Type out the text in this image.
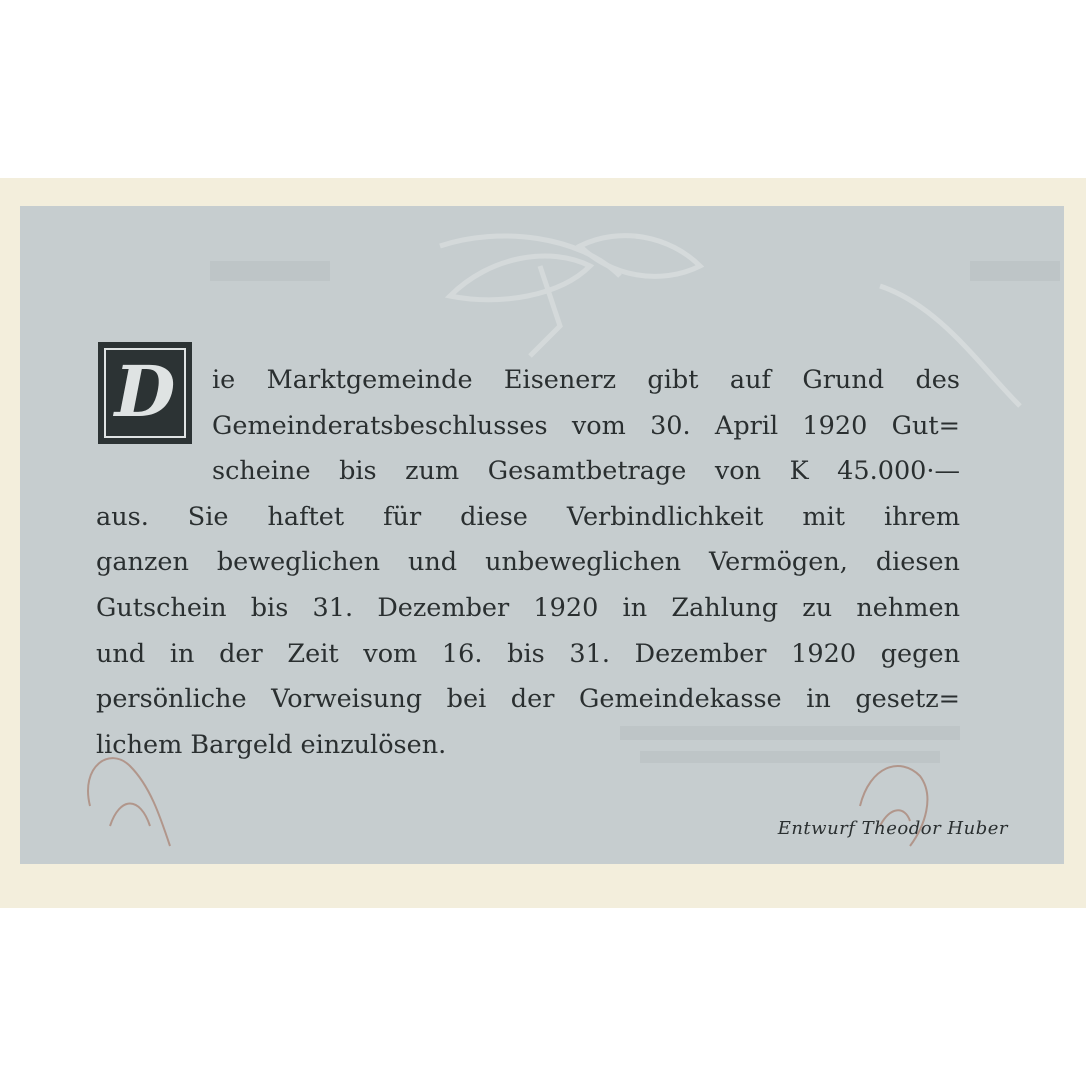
D	ie Marktgemeinde Eisenerz gibt auf Grund des
Gemeinderatsbeschlusses vom 30. April 1920 Gut=
scheine bis zum Gesamtbetrage von K 45.000·—
aus. Sie haftet für diese Verbindlichkeit mit ihrem
ganzen beweglichen und unbeweglichen Vermögen, diesen
Gutschein bis 31. Dezember 1920 in Zahlung zu nehmen
und in der Zeit vom 16. bis 31. Dezember 1920 gegen
persönliche Vorweisung bei der Gemeindekasse in gesetz=
lichem Bargeld einzulösen.
Entwurf Theodor Huber
